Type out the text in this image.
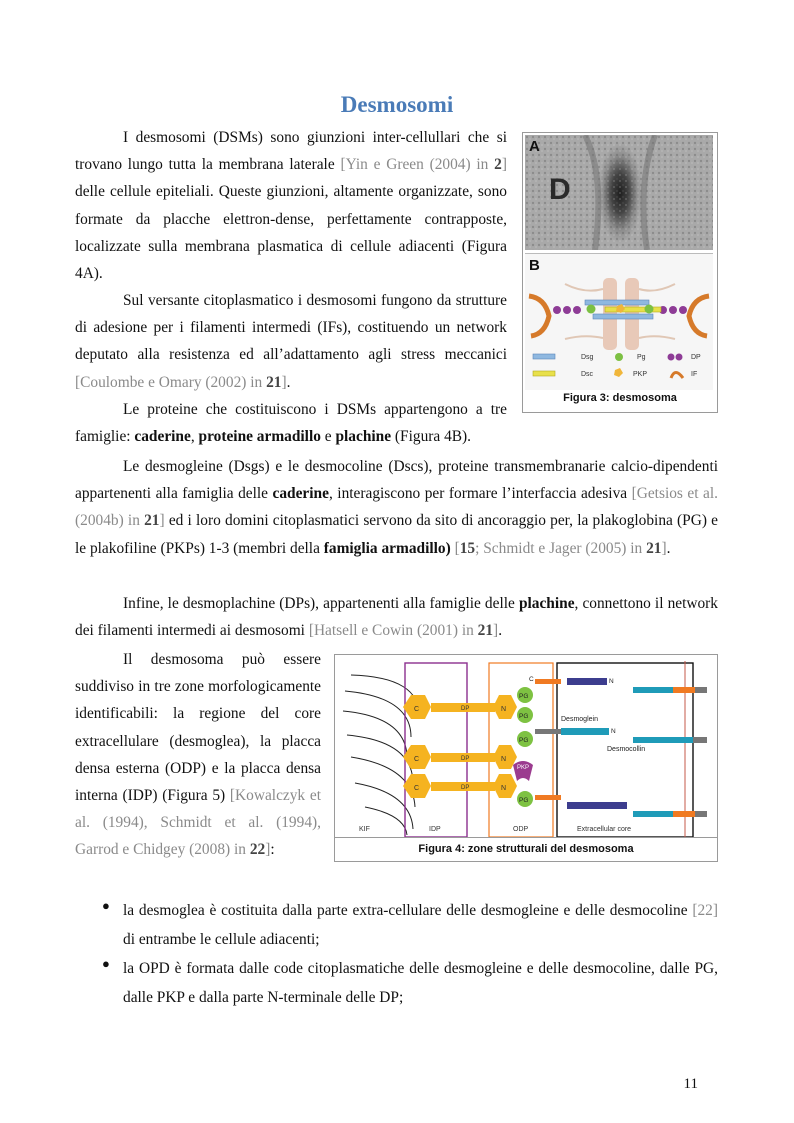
Desmosomi
I desmosomi (DSMs) sono giunzioni inter-cellullari che si trovano lungo tutta la membrana laterale [Yin e Green (2004) in 2] delle cellule epiteliali. Queste giunzioni, altamente organizzate, sono formate da placche elettron-dense, perfettamente contrapposte, localizzate sulla membrana plasmatica di cellule adiacenti (Figura 4A).
Sul versante citoplasmatico i desmosomi fungono da strutture di adesione per i filamenti intermedi (IFs), costituendo un network deputato alla resistenza ed all’adattamento agli stress meccanici [Coulombe e Omary (2002) in 21].
Le proteine che costituiscono i DSMs appartengono a tre famiglie: caderine, proteine armadillo e plachine (Figura 4B).
Le desmogleine (Dsgs) e le desmocoline (Dscs), proteine transmembranarie calcio-dipendenti appartenenti alla famiglia delle caderine, interagiscono per formare l’interfaccia adesiva [Getsios et al. (2004b) in 21] ed i loro domini citoplasmatici servono da sito di ancoraggio per, la plakoglobina (PG) e le plakofiline (PKPs) 1-3 (membri della famiglia armadillo) [15; Schmidt e Jager (2005) in 21].
Infine, le desmoplachine (DPs), appartenenti alla famiglie delle plachine, connettono il network dei filamenti intermedi ai desmosomi [Hatsell e Cowin (2001) in 21].
Il desmosoma può essere suddiviso in tre zone morfologicamente identificabili: la regione del core extracellulare (desmoglea), la placca densa esterna (ODP) e la placca densa interna (IDP) (Figura 5) [Kowalczyk et al. (1994), Schmidt et al. (1994), Garrod e Chidgey (2008) in 22]:
● la desmoglea è costituita dalla parte extra-cellulare delle desmogleine e delle desmocoline [22] di entrambe le cellule adiacenti;
● la OPD è formata dalle code citoplasmatiche delle desmogleine e delle desmocoline, dalle PG, dalle PKP e dalla parte N-terminale delle DP;
A
D
B
Dsg	Pg	DP
Dsc	PKP	IF
Figura 3: desmosoma
C	DP	N
C	DP	N
C	DP	N
PG
PG
PG
PKP
PG
N
C
Desmoglein
N
Desmocollin
KIF	IDP	ODP	Extracellular core
Figura 4: zone strutturali del desmosoma
11
